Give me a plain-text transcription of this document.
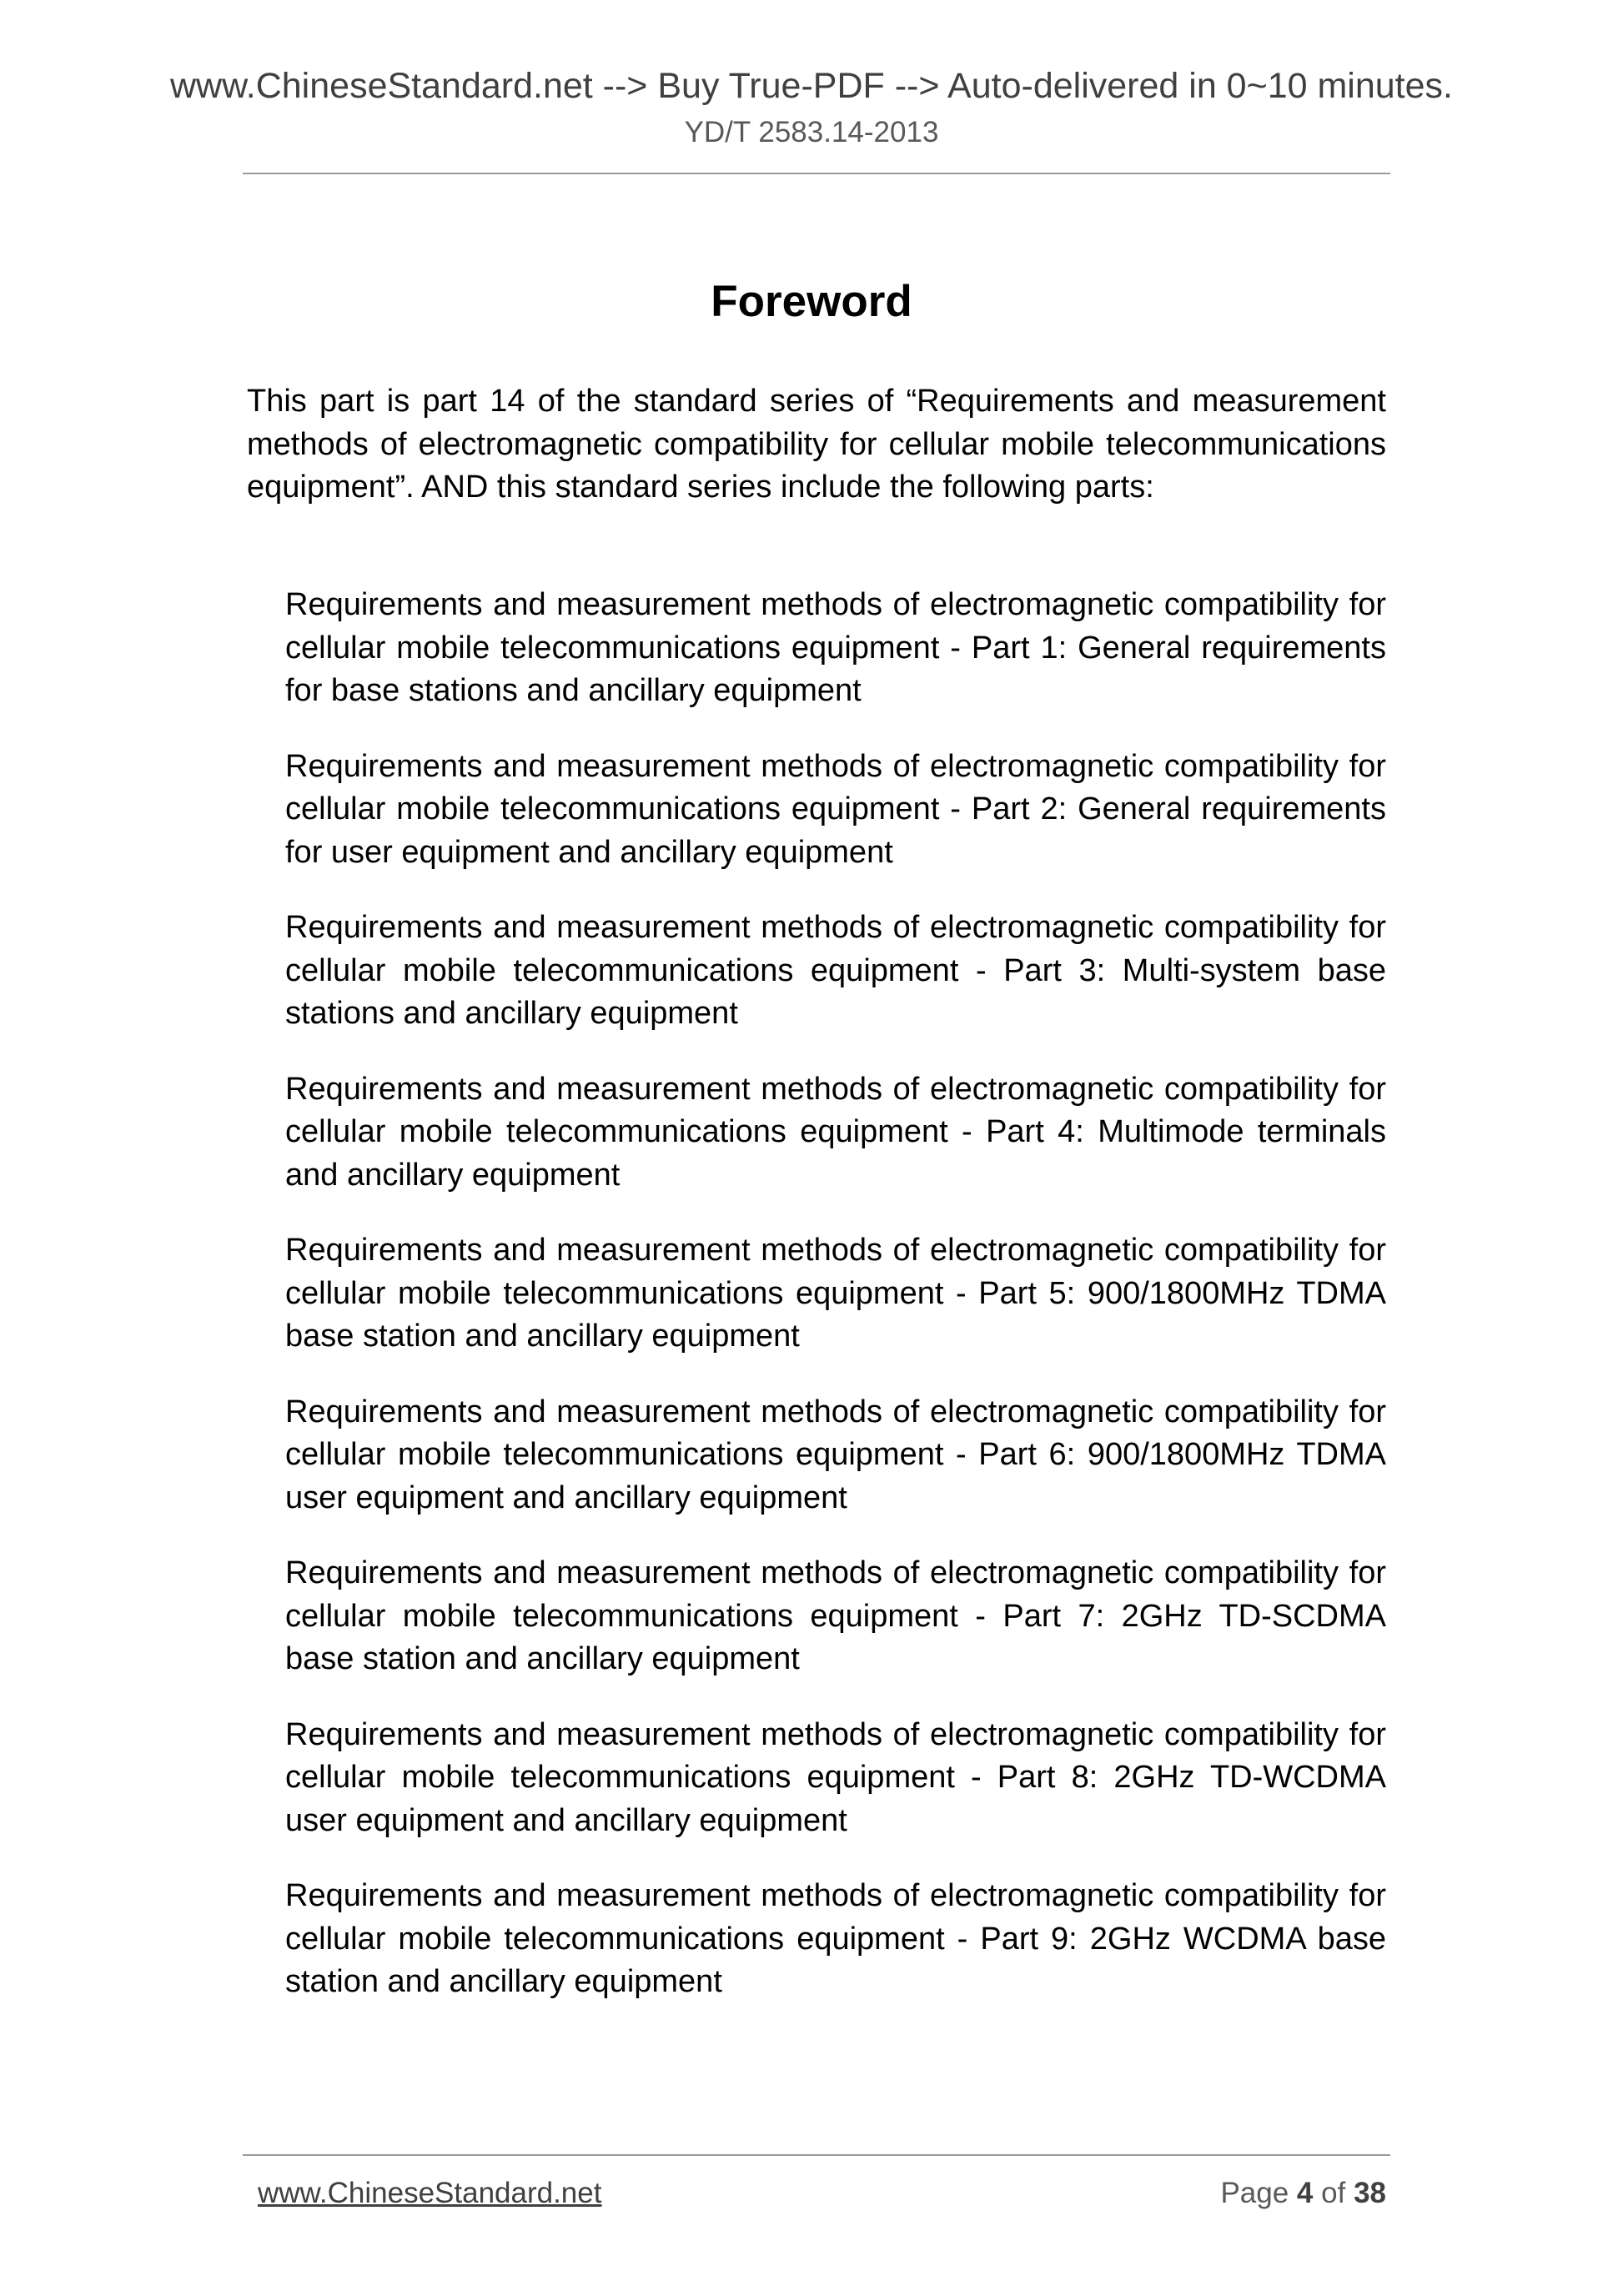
www.ChineseStandard.net --> Buy True-PDF --> Auto-delivered in 0~10 minutes.
YD/T 2583.14-2013
Foreword

This part is part 14 of the standard series of “Requirements and measurement methods of electromagnetic compatibility for cellular mobile telecommunications equipment”. AND this standard series include the following parts:

Requirements and measurement methods of electromagnetic compatibility for cellular mobile telecommunications equipment - Part 1: General requirements for base stations and ancillary equipment
Requirements and measurement methods of electromagnetic compatibility for cellular mobile telecommunications equipment - Part 2: General requirements for user equipment and ancillary equipment
Requirements and measurement methods of electromagnetic compatibility for cellular mobile telecommunications equipment - Part 3: Multi-system base stations and ancillary equipment
Requirements and measurement methods of electromagnetic compatibility for cellular mobile telecommunications equipment - Part 4: Multimode terminals and ancillary equipment
Requirements and measurement methods of electromagnetic compatibility for cellular mobile telecommunications equipment - Part 5: 900/1800MHz TDMA base station and ancillary equipment
Requirements and measurement methods of electromagnetic compatibility for cellular mobile telecommunications equipment - Part 6: 900/1800MHz TDMA user equipment and ancillary equipment
Requirements and measurement methods of electromagnetic compatibility for cellular mobile telecommunications equipment - Part 7: 2GHz TD-SCDMA base station and ancillary equipment
Requirements and measurement methods of electromagnetic compatibility for cellular mobile telecommunications equipment - Part 8: 2GHz TD-WCDMA user equipment and ancillary equipment
Requirements and measurement methods of electromagnetic compatibility for cellular mobile telecommunications equipment - Part 9: 2GHz WCDMA base station and ancillary equipment
www.ChineseStandard.net	Page 4 of 38
